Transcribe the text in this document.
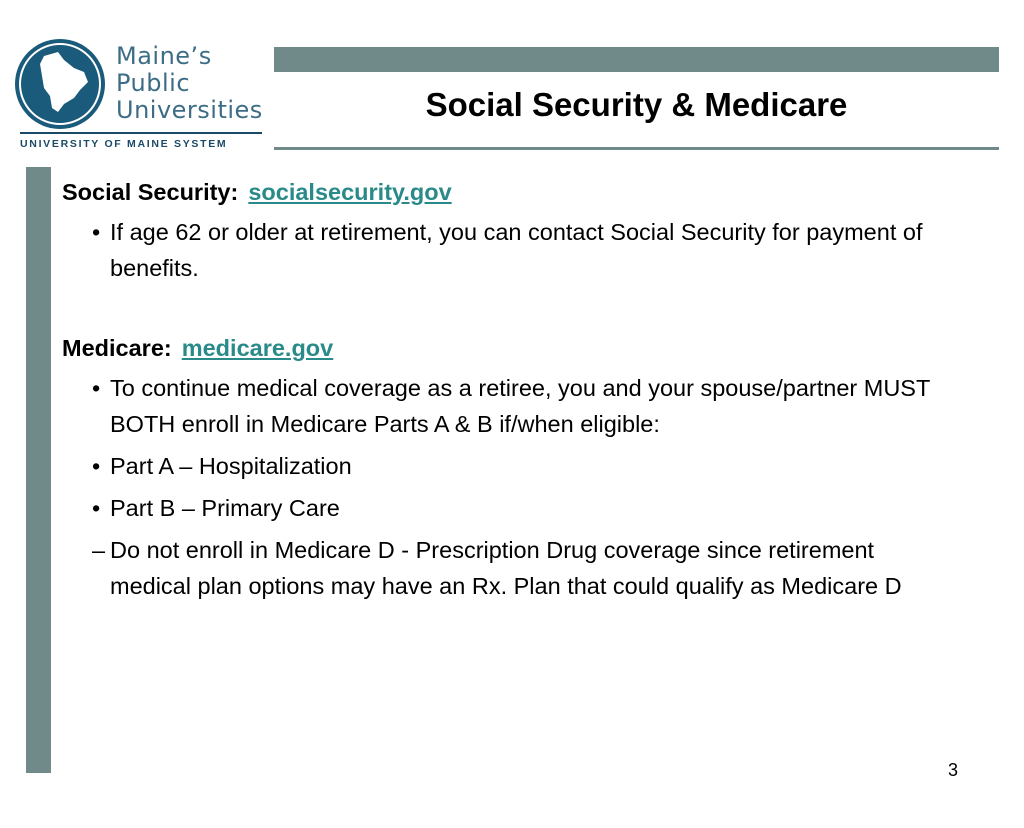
Maine’s
Public
Universities
UNIVERSITY OF MAINE SYSTEM
Social Security & Medicare

Social Security: socialsecurity.gov

• If age 62 or older at retirement, you can contact Social Security for payment of benefits.

Medicare: medicare.gov

• To continue medical coverage as a retiree, you and your spouse/partner MUST BOTH enroll in Medicare Parts A & B if/when eligible:
• Part A – Hospitalization
• Part B – Primary Care
– Do not enroll in Medicare D - Prescription Drug coverage since retirement medical plan options may have an Rx. Plan that could qualify as Medicare D
3
